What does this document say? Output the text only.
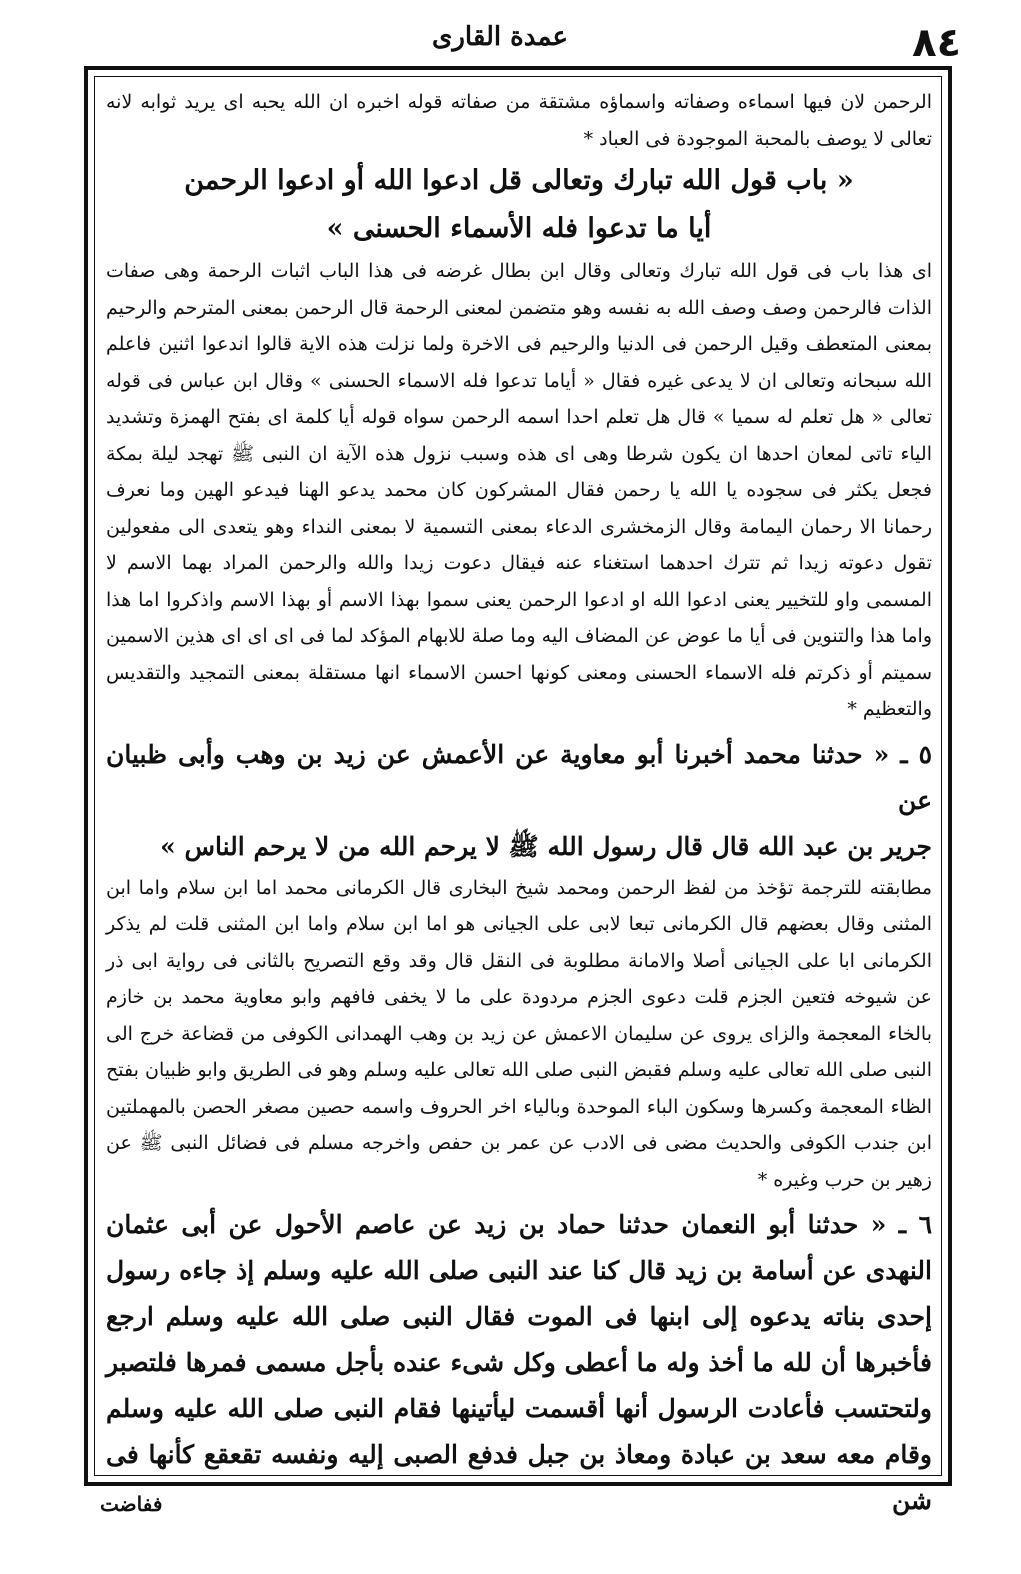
عمدة القارى	٨٤

الرحمن لان فيها اسماءه وصفاته واسماؤه مشتقة من صفاته قوله اخبره ان الله يحبه اى يريد ثوابه لانه تعالى لا يوصف بالمحبة الموجودة فى العباد *

« باب قول الله تبارك وتعالى قل ادعوا الله أو ادعوا الرحمن

أيا ما تدعوا فله الأسماء الحسنى »

اى هذا باب فى قول الله تبارك وتعالى وقال ابن بطال غرضه فى هذا الباب اثبات الرحمة وهى صفات الذات فالرحمن وصف وصف الله به نفسه وهو متضمن لمعنى الرحمة قال الرحمن بمعنى المترحم والرحيم بمعنى المتعطف وقيل الرحمن فى الدنيا والرحيم فى الاخرة ولما نزلت هذه الاية قالوا اندعوا اثنين فاعلم الله سبحانه وتعالى ان لا يدعى غيره فقال « أياما تدعوا فله الاسماء الحسنى » وقال ابن عباس فى قوله تعالى « هل تعلم له سميا » قال هل تعلم احدا اسمه الرحمن سواه قوله أيا كلمة اى بفتح الهمزة وتشديد الياء تاتى لمعان احدها ان يكون شرطا وهى اى هذه وسبب نزول هذه الآية ان النبى ﷺ تهجد ليلة بمكة فجعل يكثر فى سجوده يا الله يا رحمن فقال المشركون كان محمد يدعو الهنا فيدعو الهين وما نعرف رحمانا الا رحمان اليمامة وقال الزمخشرى الدعاء بمعنى التسمية لا بمعنى النداء وهو يتعدى الى مفعولين تقول دعوته زيدا ثم تترك احدهما استغناء عنه فيقال دعوت زيدا والله والرحمن المراد بهما الاسم لا المسمى واو للتخيير يعنى ادعوا الله او ادعوا الرحمن يعنى سموا بهذا الاسم أو بهذا الاسم واذكروا اما هذا واما هذا والتنوين فى أيا ما عوض عن المضاف اليه وما صلة للابهام المؤكد لما فى اى اى اى هذين الاسمين سميتم أو ذكرتم فله الاسماء الحسنى ومعنى كونها احسن الاسماء انها مستقلة بمعنى التمجيد والتقديس والتعظيم *

٥ ـ « حدثنا محمد أخبرنا أبو معاوية عن الأعمش عن زيد بن وهب وأبى ظبيان عن

جرير بن عبد الله قال قال رسول الله ﷺ لا يرحم الله من لا يرحم الناس »

مطابقته للترجمة تؤخذ من لفظ الرحمن ومحمد شيخ البخارى قال الكرمانى محمد اما ابن سلام واما ابن المثنى وقال بعضهم قال الكرمانى تبعا لابى على الجيانى هو اما ابن سلام واما ابن المثنى قلت لم يذكر الكرمانى ابا على الجيانى أصلا والامانة مطلوبة فى النقل قال وقد وقع التصريح بالثانى فى رواية ابى ذر عن شيوخه فتعين الجزم قلت دعوى الجزم مردودة على ما لا يخفى فافهم وابو معاوية محمد بن خازم بالخاء المعجمة والزاى يروى عن سليمان الاعمش عن زيد بن وهب الهمدانى الكوفى من قضاعة خرج الى النبى صلى الله تعالى عليه وسلم فقبض النبى صلى الله تعالى عليه وسلم وهو فى الطريق وابو ظبيان بفتح الظاء المعجمة وكسرها وسكون الباء الموحدة وبالياء اخر الحروف واسمه حصين مصغر الحصن بالمهملتين ابن جندب الكوفى والحديث مضى فى الادب عن عمر بن حفص واخرجه مسلم فى فضائل النبى ﷺ عن زهير بن حرب وغيره *

٦ ـ « حدثنا أبو النعمان حدثنا حماد بن زيد عن عاصم الأحول عن أبى عثمان النهدى عن أسامة بن زيد قال كنا عند النبى صلى الله عليه وسلم إذ جاءه رسول إحدى بناته يدعوه إلى ابنها فى الموت فقال النبى صلى الله عليه وسلم ارجع فأخبرها أن لله ما أخذ وله ما أعطى وكل شىء عنده بأجل مسمى فمرها فلتصبر ولتحتسب فأعادت الرسول أنها أقسمت ليأتينها فقام النبى صلى الله عليه وسلم وقام معه سعد بن عبادة ومعاذ بن جبل فدفع الصبى إليه ونفسه تقعقع كأنها فى شن

ففاضت
